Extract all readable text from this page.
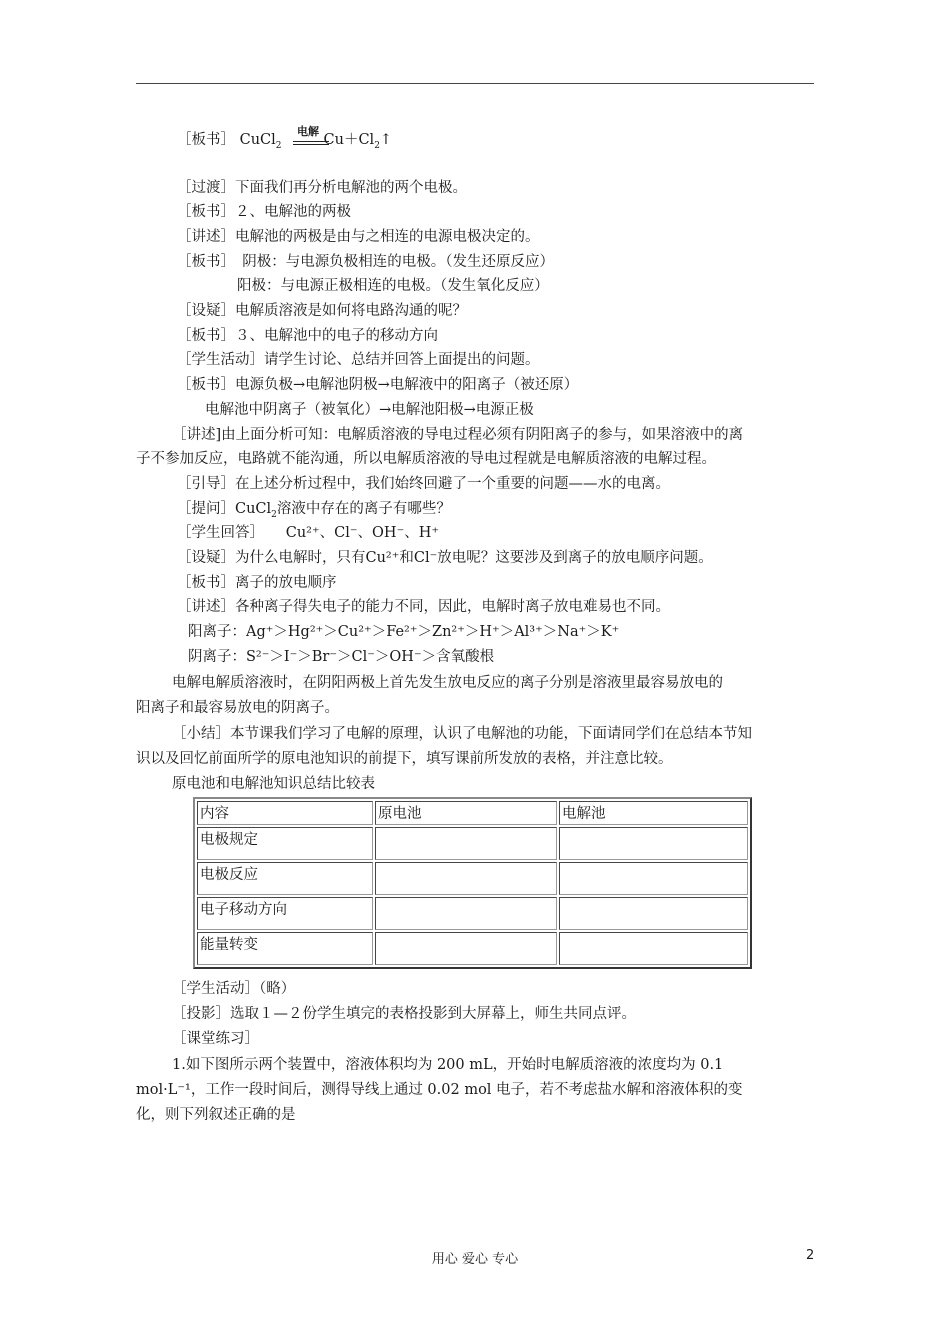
［板书］ CuCl$_2$	$Cu+Cl_2↑$
电解
［过渡］下面我们再分析电解池的两个电极。
［板书］２、电解池的两极
［讲述］电解池的两极是由与之相连的电源电极决定的。
［板书］　阴极：与电源负极相连的电极。（发生还原反应）
阳极：与电源正极相连的电极。（发生氧化反应）
［设疑］电解质溶液是如何将电路沟通的呢？
［板书］３、电解池中的电子的移动方向
［学生活动］请学生讨论、总结并回答上面提出的问题。
［板书］电源负极→电解池阴极→电解液中的阳离子（被还原）
电解池中阴离子（被氧化）→电解池阳极→电源正极
［讲述]由上面分析可知：电解质溶液的导电过程必须有阴阳离子的参与，如果溶液中的离
子不参加反应，电路就不能沟通，所以电解质溶液的导电过程就是电解质溶液的电解过程。
［引导］在上述分析过程中，我们始终回避了一个重要的问题——水的电离。
［提问］CuCl$_2$溶液中存在的离子有哪些？
［学生回答］　　Cu²⁺、Cl⁻、OH⁻、H⁺
［设疑］为什么电解时，只有Cu²⁺和Cl⁻放电呢？这要涉及到离子的放电顺序问题。
［板书］离子的放电顺序
［讲述］各种离子得失电子的能力不同，因此，电解时离子放电难易也不同。
阳离子：Ag⁺＞Hg²⁺＞Cu²⁺＞Fe²⁺＞Zn²⁺＞H⁺＞Al³⁺＞Na⁺＞K⁺
阴离子：S²⁻＞I⁻＞Br⁻＞Cl⁻＞OH⁻＞含氧酸根
电解电解质溶液时，在阴阳两极上首先发生放电反应的离子分别是溶液里最容易放电的
阳离子和最容易放电的阴离子。
［小结］本节课我们学习了电解的原理，认识了电解池的功能，下面请同学们在总结本节知
识以及回忆前面所学的原电池知识的前提下，填写课前所发放的表格，并注意比较。
原电池和电解池知识总结比较表
内容	原电池	电解池
电极规定		
电极反应		
电子移动方向		
能量转变		
［学生活动］（略）
［投影］选取１—２份学生填完的表格投影到大屏幕上，师生共同点评。
［课堂练习］
1.如下图所示两个装置中，溶液体积均为 200 mL，开始时电解质溶液的浓度均为 0.1
mol·L⁻¹，工作一段时间后，测得导线上通过 0.02 mol 电子，若不考虑盐水解和溶液体积的变
化，则下列叙述正确的是
用心 爱心 专心	2
